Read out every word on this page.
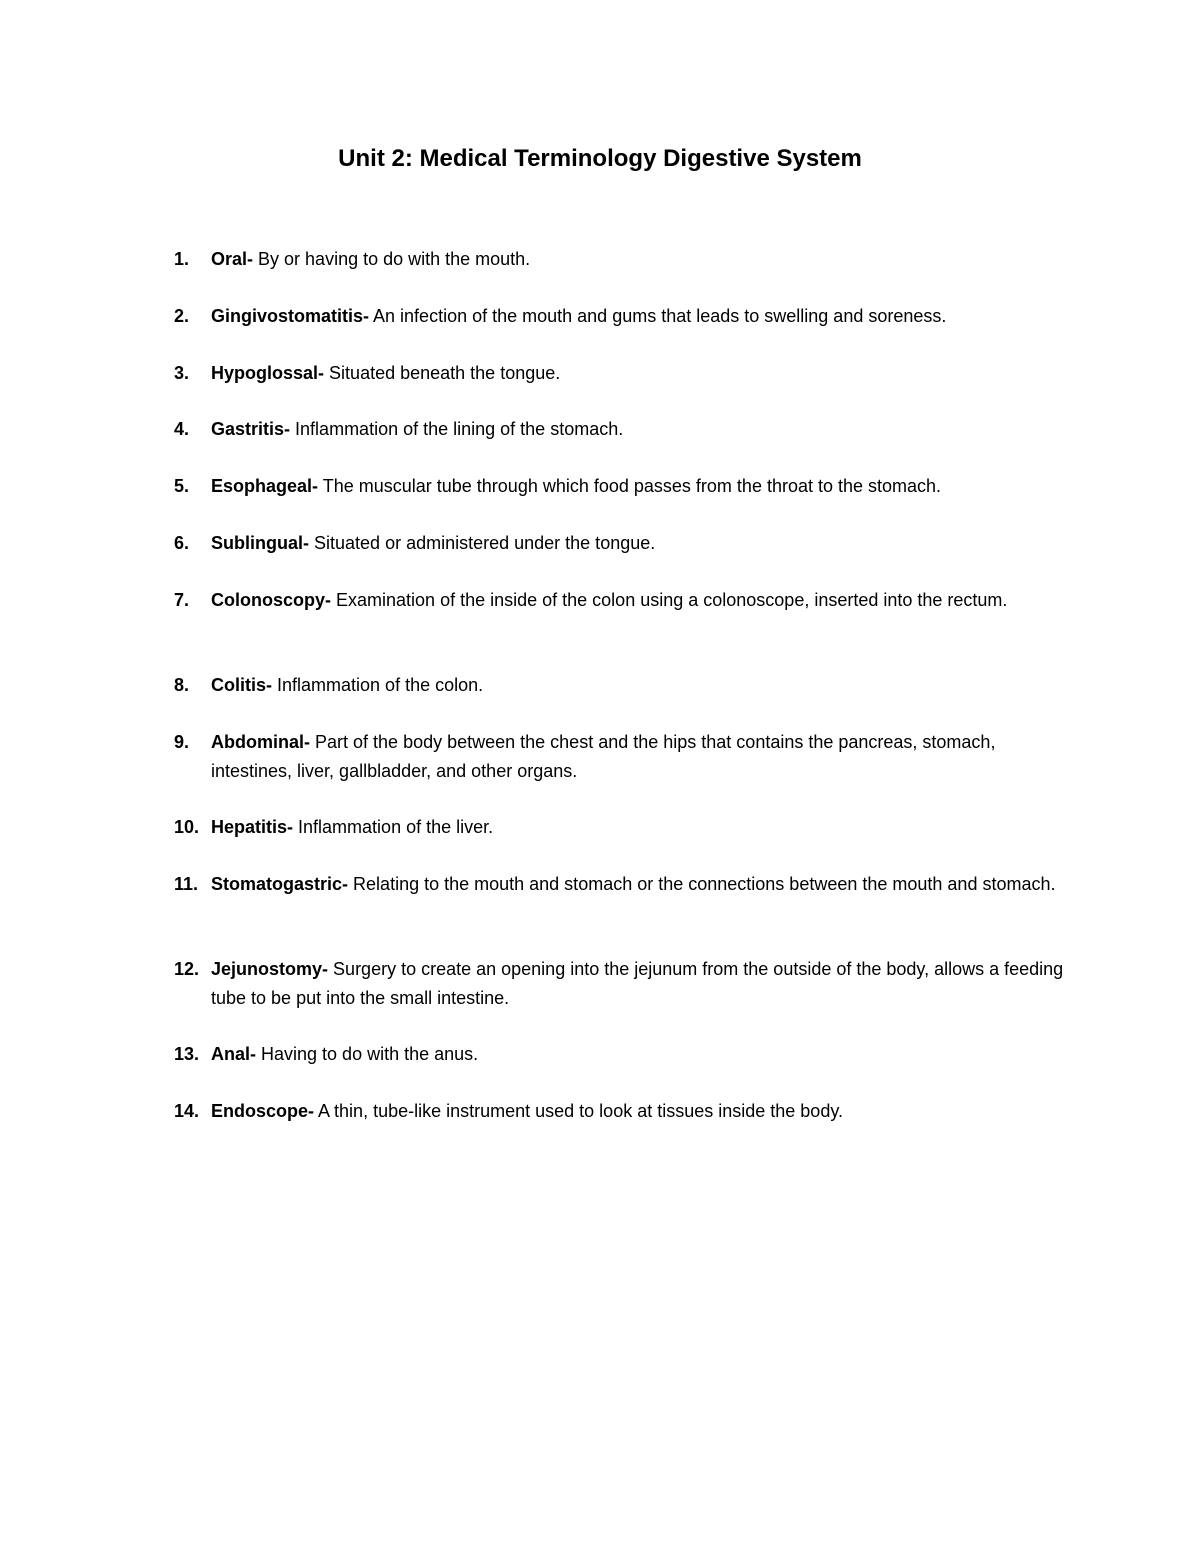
Unit 2: Medical Terminology Digestive System
1.	Oral- By or having to do with the mouth.
2.	Gingivostomatitis- An infection of the mouth and gums that leads to swelling and soreness.
3.	Hypoglossal- Situated beneath the tongue.
4.	Gastritis- Inflammation of the lining of the stomach.
5.	Esophageal- The muscular tube through which food passes from the throat to the stomach.
6.	Sublingual- Situated or administered under the tongue.
7.	Colonoscopy- Examination of the inside of the colon using a colonoscope, inserted into the rectum.
8.	Colitis- Inflammation of the colon.
9.	Abdominal- Part of the body between the chest and the hips that contains the pancreas, stomach, intestines, liver, gallbladder, and other organs.
10. Hepatitis- Inflammation of the liver.
11. Stomatogastric- Relating to the mouth and stomach or the connections between the mouth and stomach.
12. Jejunostomy- Surgery to create an opening into the jejunum from the outside of the body, allows a feeding tube to be put into the small intestine.
13. Anal- Having to do with the anus.
14. Endoscope- A thin, tube-like instrument used to look at tissues inside the body.
